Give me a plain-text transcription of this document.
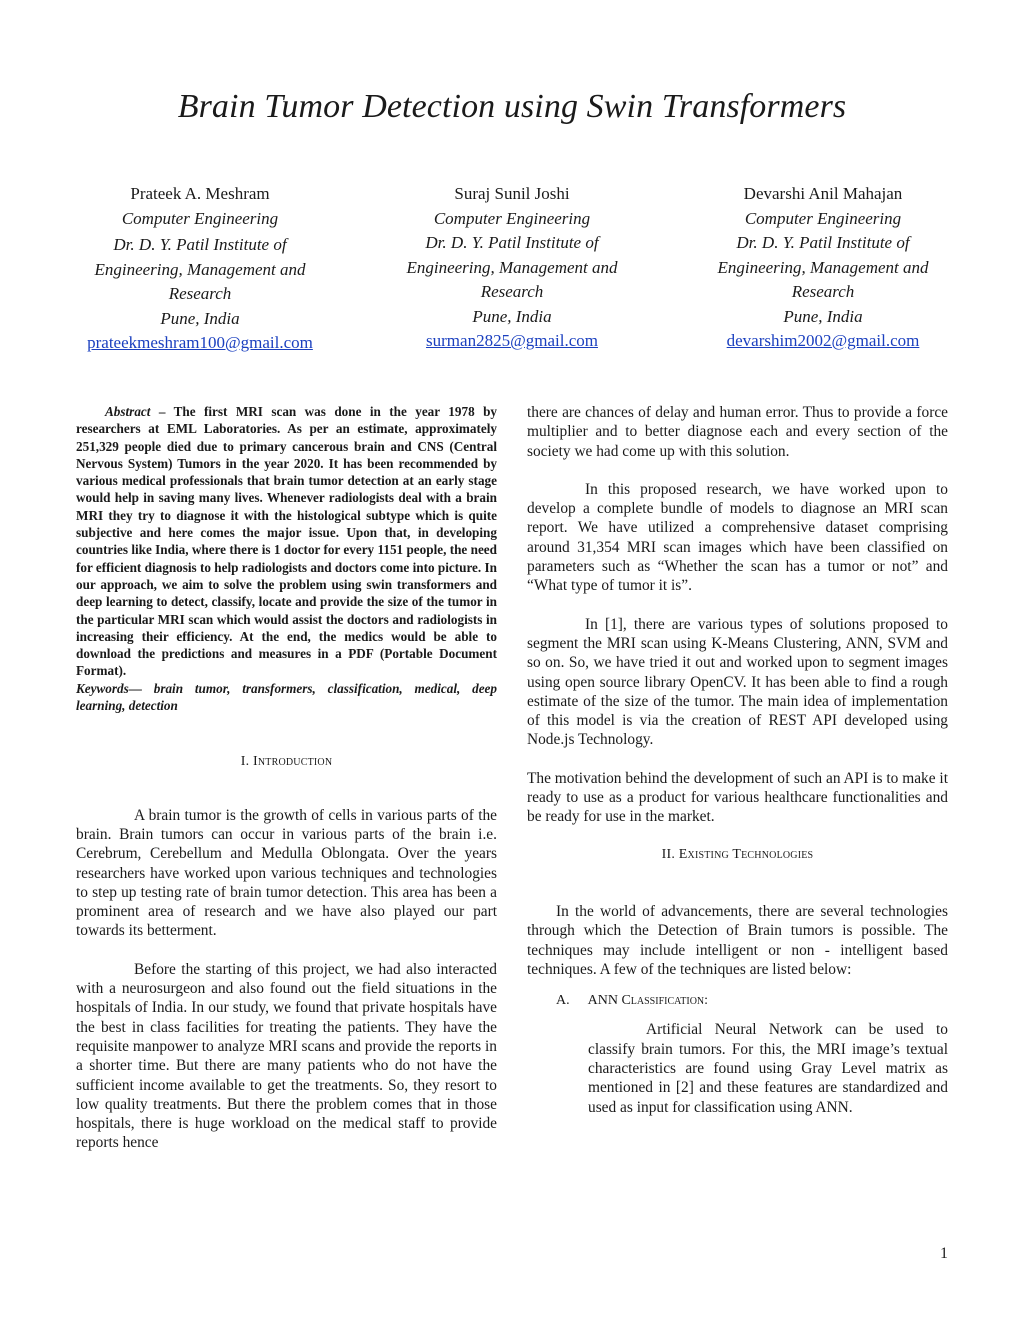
Brain Tumor Detection using Swin Transformers
Prateek A. Meshram
Computer Engineering
Dr. D. Y. Patil Institute of Engineering, Management and Research
Pune, India
prateekmeshram100@gmail.com
Suraj Sunil Joshi
Computer Engineering
Dr. D. Y. Patil Institute of Engineering, Management and Research
Pune, India
surman2825@gmail.com
Devarshi Anil Mahajan
Computer Engineering
Dr. D. Y. Patil Institute of Engineering, Management and Research
Pune, India
devarshim2002@gmail.com

Abstract – The first MRI scan was done in the year 1978 by researchers at EML Laboratories. As per an estimate, approximately 251,329 people died due to primary cancerous brain and CNS (Central Nervous System) Tumors in the year 2020. It has been recommended by various medical professionals that brain tumor detection at an early stage would help in saving many lives. Whenever radiologists deal with a brain MRI they try to diagnose it with the histological subtype which is quite subjective and here comes the major issue. Upon that, in developing countries like India, where there is 1 doctor for every 1151 people, the need for efficient diagnosis to help radiologists and doctors come into picture. In our approach, we aim to solve the problem using swin transformers and deep learning to detect, classify, locate and provide the size of the tumor in the particular MRI scan which would assist the doctors and radiologists in increasing their efficiency. At the end, the medics would be able to download the predictions and measures in a PDF (Portable Document Format).

Keywords— brain tumor, transformers, classification, medical, deep learning, detection

I. Introduction

A brain tumor is the growth of cells in various parts of the brain. Brain tumors can occur in various parts of the brain i.e. Cerebrum, Cerebellum and Medulla Oblongata. Over the years researchers have worked upon various techniques and technologies to step up testing rate of brain tumor detection. This area has been a prominent area of research and we have also played our part towards its betterment.

Before the starting of this project, we had also interacted with a neurosurgeon and also found out the field situations in the hospitals of India. In our study, we found that private hospitals have the best in class facilities for treating the patients. They have the requisite manpower to analyze MRI scans and provide the reports in a shorter time. But there are many patients who do not have the sufficient income available to get the treatments. So, they resort to low quality treatments. But there the problem comes that in those hospitals, there is huge workload on the medical staff to provide reports hence

there are chances of delay and human error. Thus to provide a force multiplier and to better diagnose each and every section of the society we had come up with this solution.

In this proposed research, we have worked upon to develop a complete bundle of models to diagnose an MRI scan report. We have utilized a comprehensive dataset comprising around 31,354 MRI scan images which have been classified on parameters such as “Whether the scan has a tumor or not” and “What type of tumor it is”.

In [1], there are various types of solutions proposed to segment the MRI scan using K-Means Clustering, ANN, SVM and so on. So, we have tried it out and worked upon to segment images using open source library OpenCV. It has been able to find a rough estimate of the size of the tumor. The main idea of implementation of this model is via the creation of REST API developed using Node.js Technology.

The motivation behind the development of such an API is to make it ready to use as a product for various healthcare functionalities and be ready for use in the market.

II. Existing Technologies

In the world of advancements, there are several technologies through which the Detection of Brain tumors is possible. The techniques may include intelligent or non - intelligent based techniques. A few of the techniques are listed below:

A. ANN Classification:

Artificial Neural Network can be used to classify brain tumors. For this, the MRI image’s textual characteristics are found using Gray Level matrix as mentioned in [2] and these features are standardized and used as input for classification using ANN.

1
